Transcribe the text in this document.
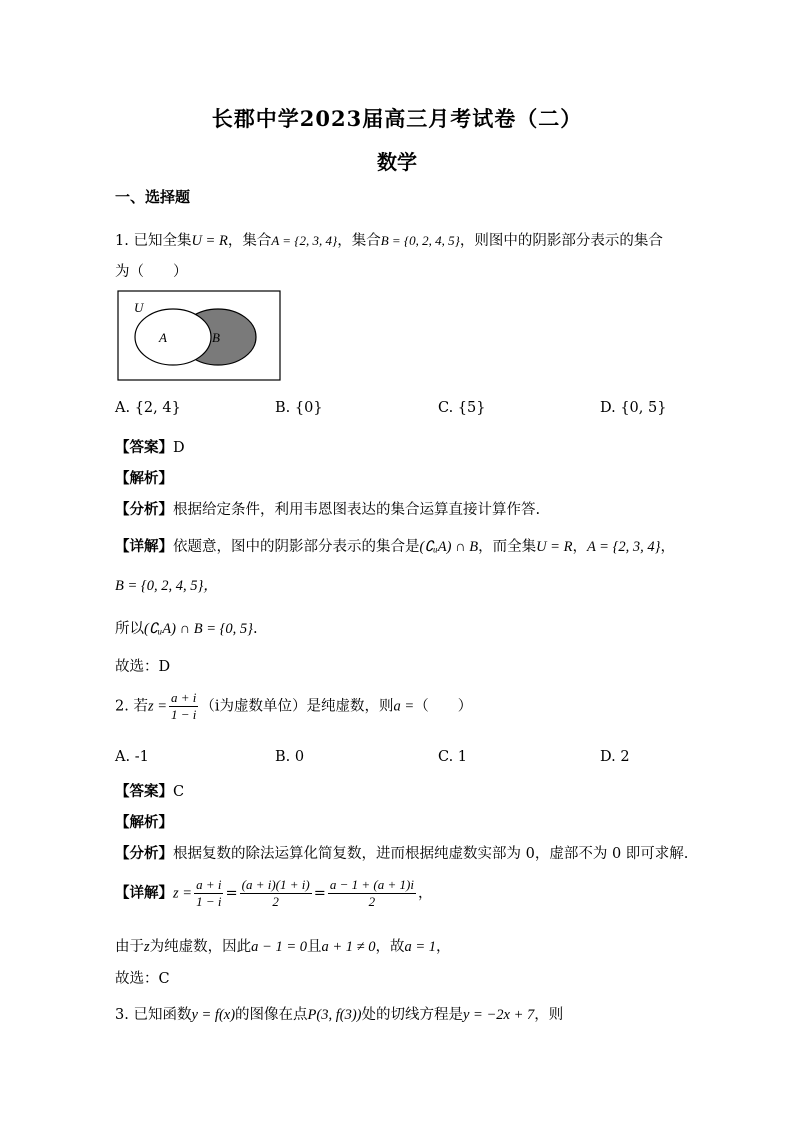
长郡中学2023届高三月考试卷（二）
数学
一、选择题
1. 已知全集U = R，集合A = {2, 3, 4}，集合B = {0, 2, 4, 5}，则图中的阴影部分表示的集合
为（　　）
U
A	B
A. {2, 4}	B. {0}	C. {5}	D. {0, 5}
【答案】D
【解析】
【分析】根据给定条件，利用韦恩图表达的集合运算直接计算作答.
【详解】依题意，图中的阴影部分表示的集合是(∁ᵤA) ∩ B，而全集U = R，A = {2, 3, 4}，
B = {0, 2, 4, 5}，
所以(∁ᵤA) ∩ B = {0, 5}.
故选：D
2. 若$z = \frac{a + i}{1 - i} (i$为虚数单位）是纯虚数，则a =（　　）
A. -1	B. 0	C. 1	D. 2
【答案】C
【解析】
【分析】根据复数的除法运算化简复数，进而根据纯虚数实部为 0，虚部不为 0 即可求解.
【详解】$z = \frac{a + i}{1 - i} = \frac{(a + i)(1 + i)}{2} = \frac{a - 1 + (a + 1)i}{2}$ ，
由于z为纯虚数，因此a − 1 = 0且a + 1 ≠ 0，故a = 1，
故选：C
3. 已知函数y = f(x)的图像在点P(3, f(3))处的切线方程是y = −2x + 7，则
